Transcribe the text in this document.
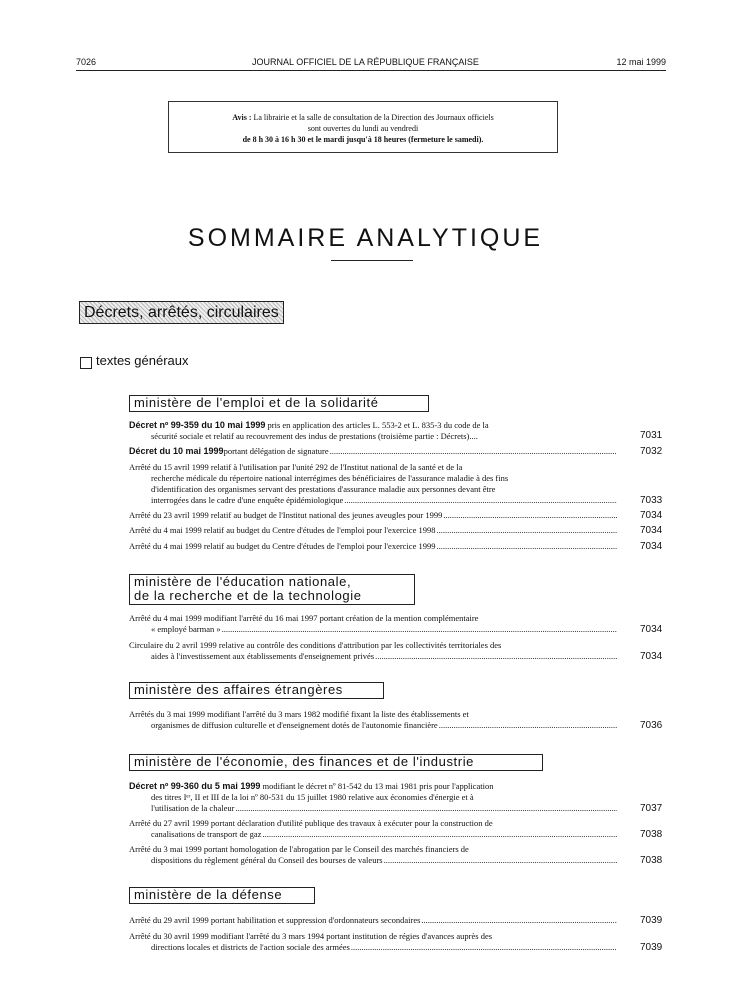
7026	JOURNAL OFFICIEL DE LA RÉPUBLIQUE FRANÇAISE	12 mai 1999
Avis : La librairie et la salle de consultation de la Direction des Journaux officiels
sont ouvertes du lundi au vendredi
de 8 h 30 à 16 h 30 et le mardi jusqu'à 18 heures (fermeture le samedi).
SOMMAIRE ANALYTIQUE
Décrets, arrêtés, circulaires
textes généraux
ministère de l'emploi et de la solidarité
Décret nº 99-359 du 10 mai 1999 pris en application des articles L. 553-2 et L. 835-3 du code de la
sécurité sociale et relatif au recouvrement des indus de prestations (troisième partie : Décrets)....	7031
Décret du 10 mai 1999 portant délégation de signature .....	7032
Arrêté du 15 avril 1999 relatif à l'utilisation par l'unité 292 de l'Institut national de la santé et de la
recherche médicale du répertoire national interrégimes des bénéficiaires de l'assurance maladie à des fins
d'identification des organismes servant des prestations d'assurance maladie aux personnes devant être
interrogées dans le cadre d'une enquête épidémiologique .....	7033
Arrêté du 23 avril 1999 relatif au budget de l'Institut national des jeunes aveugles pour 1999 .....	7034
Arrêté du 4 mai 1999 relatif au budget du Centre d'études de l'emploi pour l'exercice 1998 .....	7034
Arrêté du 4 mai 1999 relatif au budget du Centre d'études de l'emploi pour l'exercice 1999 .....	7034
ministère de l'éducation nationale,
de la recherche et de la technologie
Arrêté du 4 mai 1999 modifiant l'arrêté du 16 mai 1997 portant création de la mention complémentaire
« employé barman » .....	7034
Circulaire du 2 avril 1999 relative au contrôle des conditions d'attribution par les collectivités territoriales des
aides à l'investissement aux établissements d'enseignement privés .....	7034
ministère des affaires étrangères
Arrêtés du 3 mai 1999 modifiant l'arrêté du 3 mars 1982 modifié fixant la liste des établissements et
organismes de diffusion culturelle et d'enseignement dotés de l'autonomie financière .....	7036
ministère de l'économie, des finances et de l'industrie
Décret nº 99-360 du 5 mai 1999 modifiant le décret nº 81-542 du 13 mai 1981 pris pour l'application
des titres Iᵉʳ, II et III de la loi nº 80-531 du 15 juillet 1980 relative aux économies d'énergie et à
l'utilisation de la chaleur .....	7037
Arrêté du 27 avril 1999 portant déclaration d'utilité publique des travaux à exécuter pour la construction de
canalisations de transport de gaz .....	7038
Arrêté du 3 mai 1999 portant homologation de l'abrogation par le Conseil des marchés financiers de
dispositions du règlement général du Conseil des bourses de valeurs .....	7038
ministère de la défense
Arrêté du 29 avril 1999 portant habilitation et suppression d'ordonnateurs secondaires .....	7039
Arrêté du 30 avril 1999 modifiant l'arrêté du 3 mars 1994 portant institution de régies d'avances auprès des
directions locales et districts de l'action sociale des armées .....	7039
